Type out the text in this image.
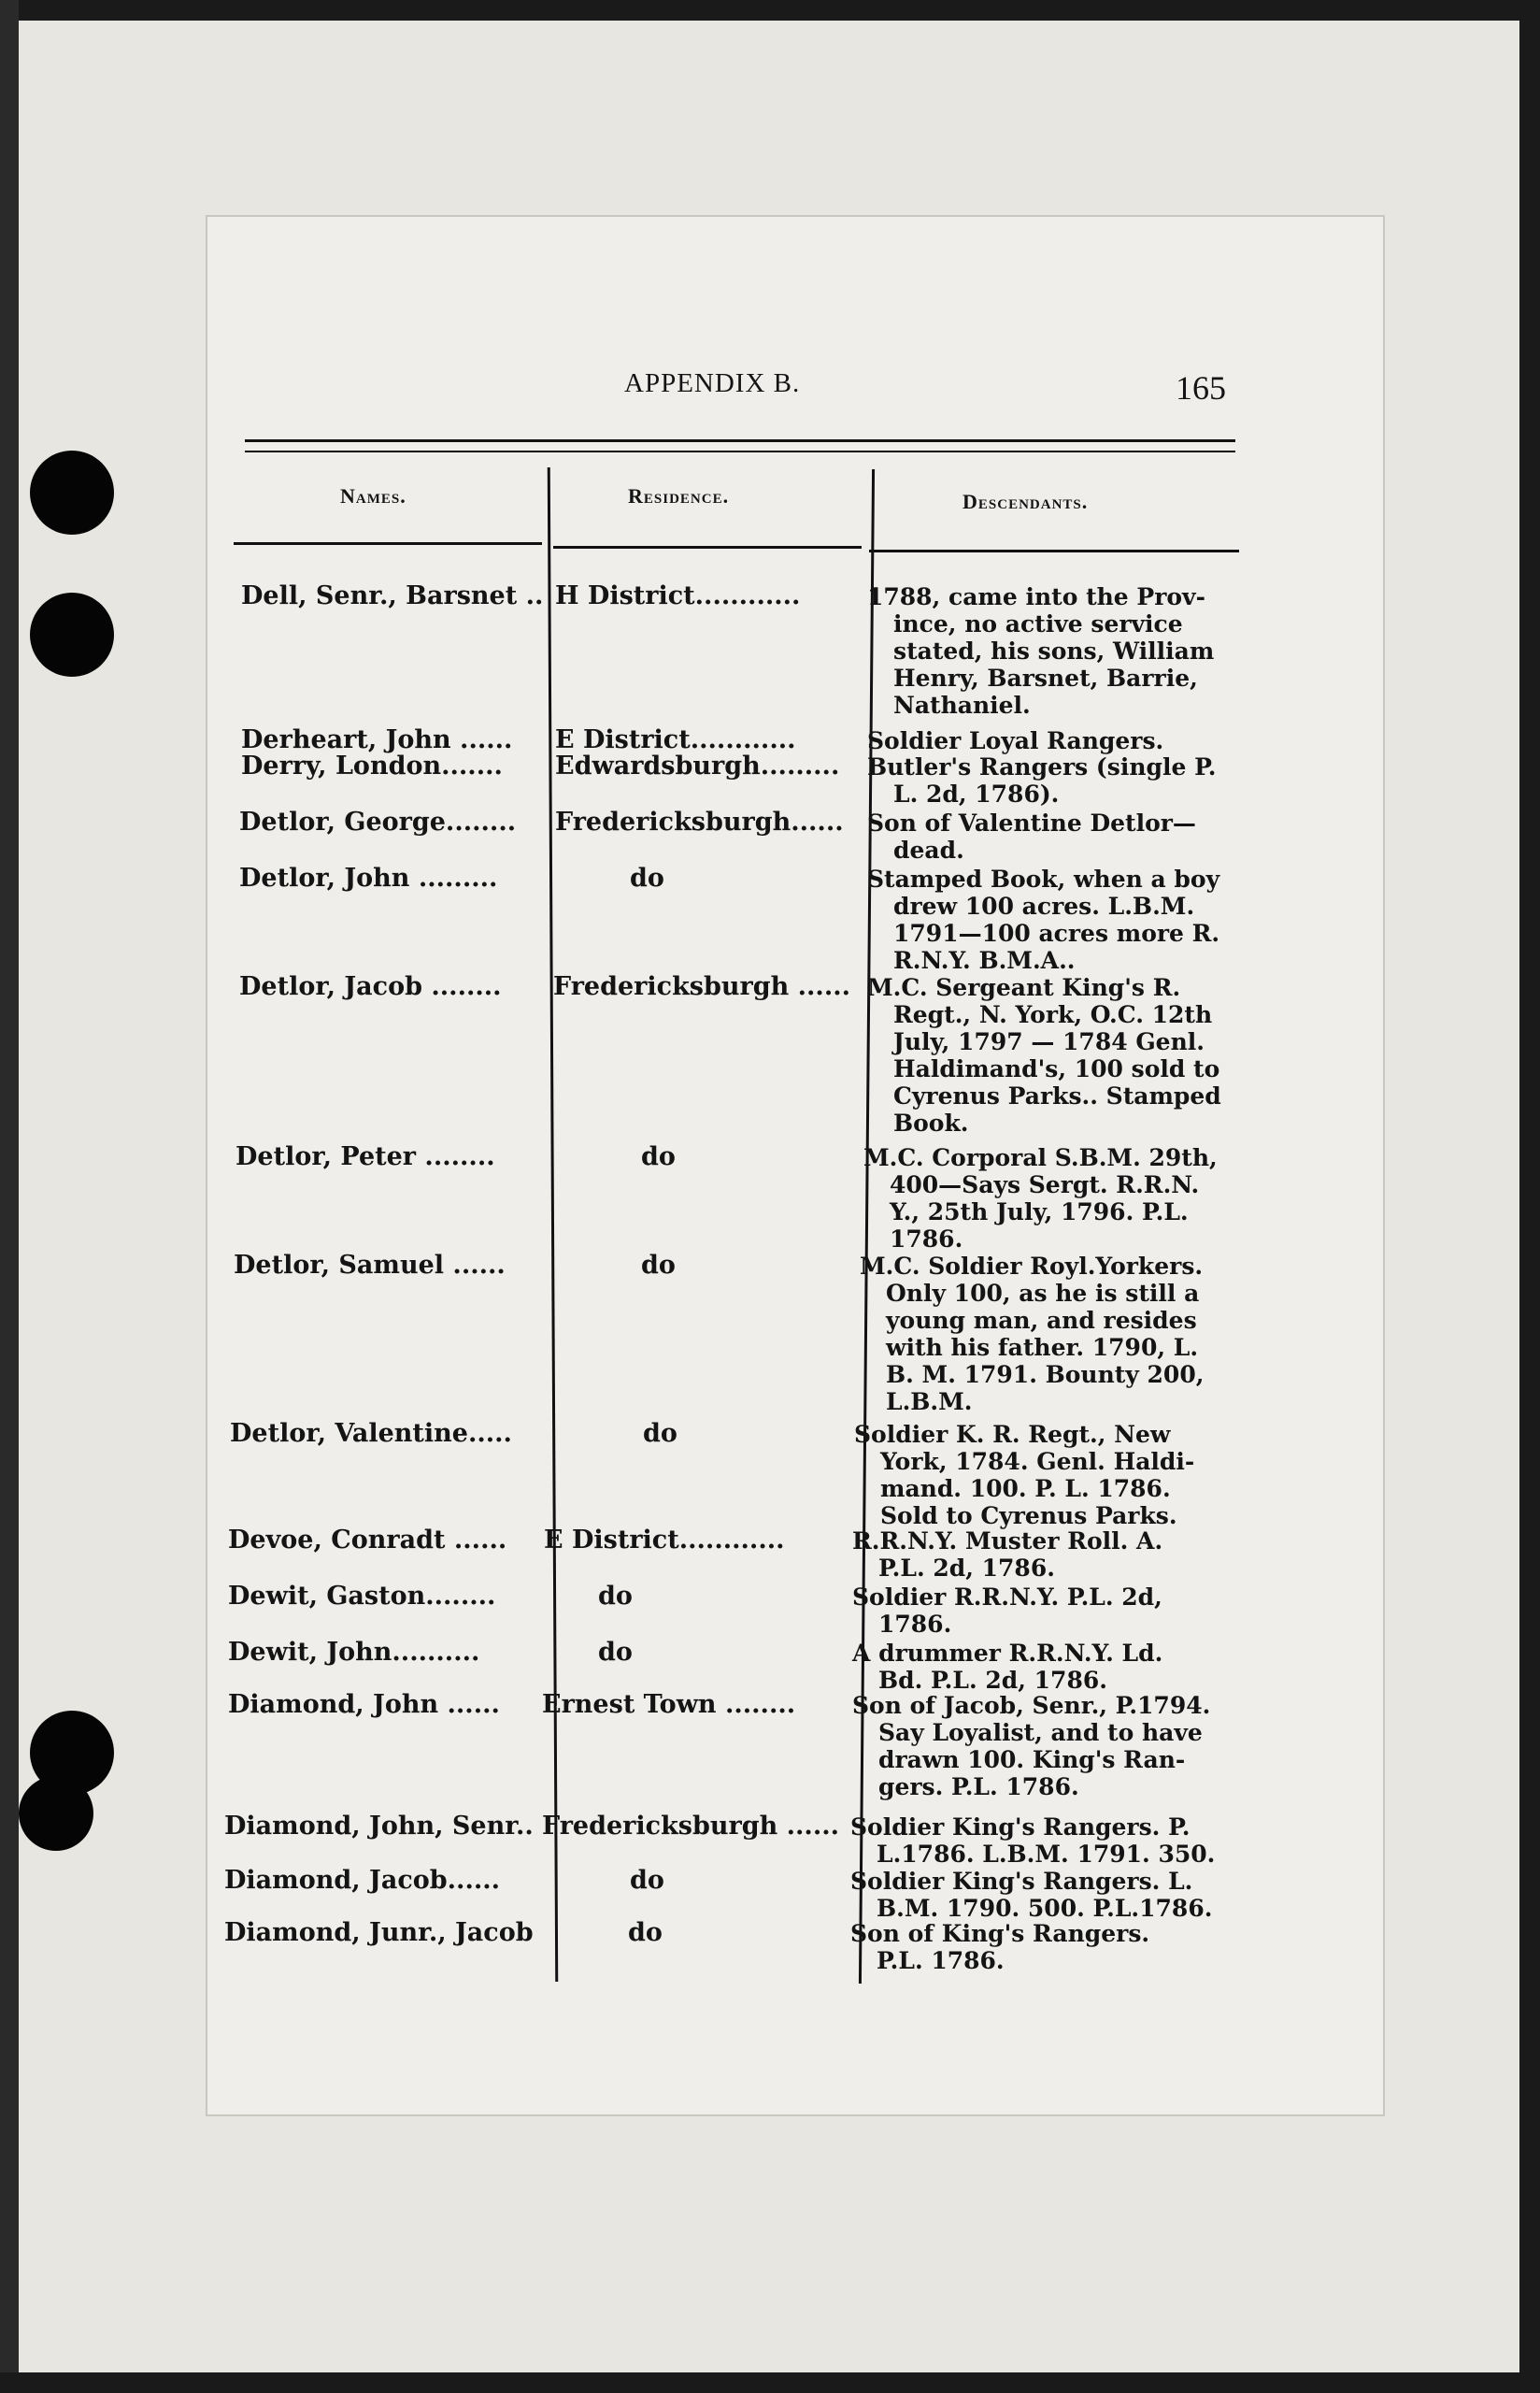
APPENDIX B.	165
Names.	Residence.	Descendants.
Dell, Senr., Barsnet .. H District............	1788, came into the Prov-
ince, no active service
stated, his sons, William
Henry, Barsnet, Barrie,
Nathaniel.
Derheart, John ...... E District............	Soldier Loyal Rangers.
Derry, London....... Edwardsburgh......... Butler's Rangers (single P.
L. 2d, 1786).
Detlor, George........ Fredericksburgh...... Son of Valentine Detlor—
dead.
Detlor, John .........	do	Stamped Book, when a boy
drew 100 acres. L.B.M.
1791—100 acres more R.
R.N.Y. B.M.A..
Detlor, Jacob ........ Fredericksburgh ...... M.C. Sergeant King's R.
Regt., N. York, O.C. 12th
July, 1797 — 1784 Genl.
Haldimand's, 100 sold to
Cyrenus Parks.. Stamped
Book.
Detlor, Peter ........	do	M.C. Corporal S.B.M. 29th,
400—Says Sergt. R.R.N.
Y., 25th July, 1796. P.L.
1786.
Detlor, Samuel ......	do	M.C. Soldier Royl.Yorkers.
Only 100, as he is still a
young man, and resides
with his father. 1790, L.
B. M. 1791. Bounty 200,
L.B.M.
Detlor, Valentine.....	do	Soldier K. R. Regt., New
York, 1784. Genl. Haldi-
mand. 100. P. L. 1786.
Sold to Cyrenus Parks.
Devoe, Conradt ...... E District............	R.R.N.Y. Muster Roll. A.
P.L. 2d, 1786.
Dewit, Gaston........	do	Soldier R.R.N.Y. P.L. 2d,
1786.
Dewit, John..........	do	A drummer R.R.N.Y. Ld.
Bd. P.L. 2d, 1786.
Diamond, John ...... Ernest Town ........ Son of Jacob, Senr., P.1794.
Say Loyalist, and to have
drawn 100. King's Ran-
gers. P.L. 1786.
Diamond, John, Senr.. Fredericksburgh ...... Soldier King's Rangers. P.
L.1786. L.B.M. 1791. 350.
Diamond, Jacob......	do	Soldier King's Rangers. L.
B.M. 1790. 500. P.L.1786.
Diamond, Junr., Jacob	do	Son of King's Rangers.
P.L. 1786.
